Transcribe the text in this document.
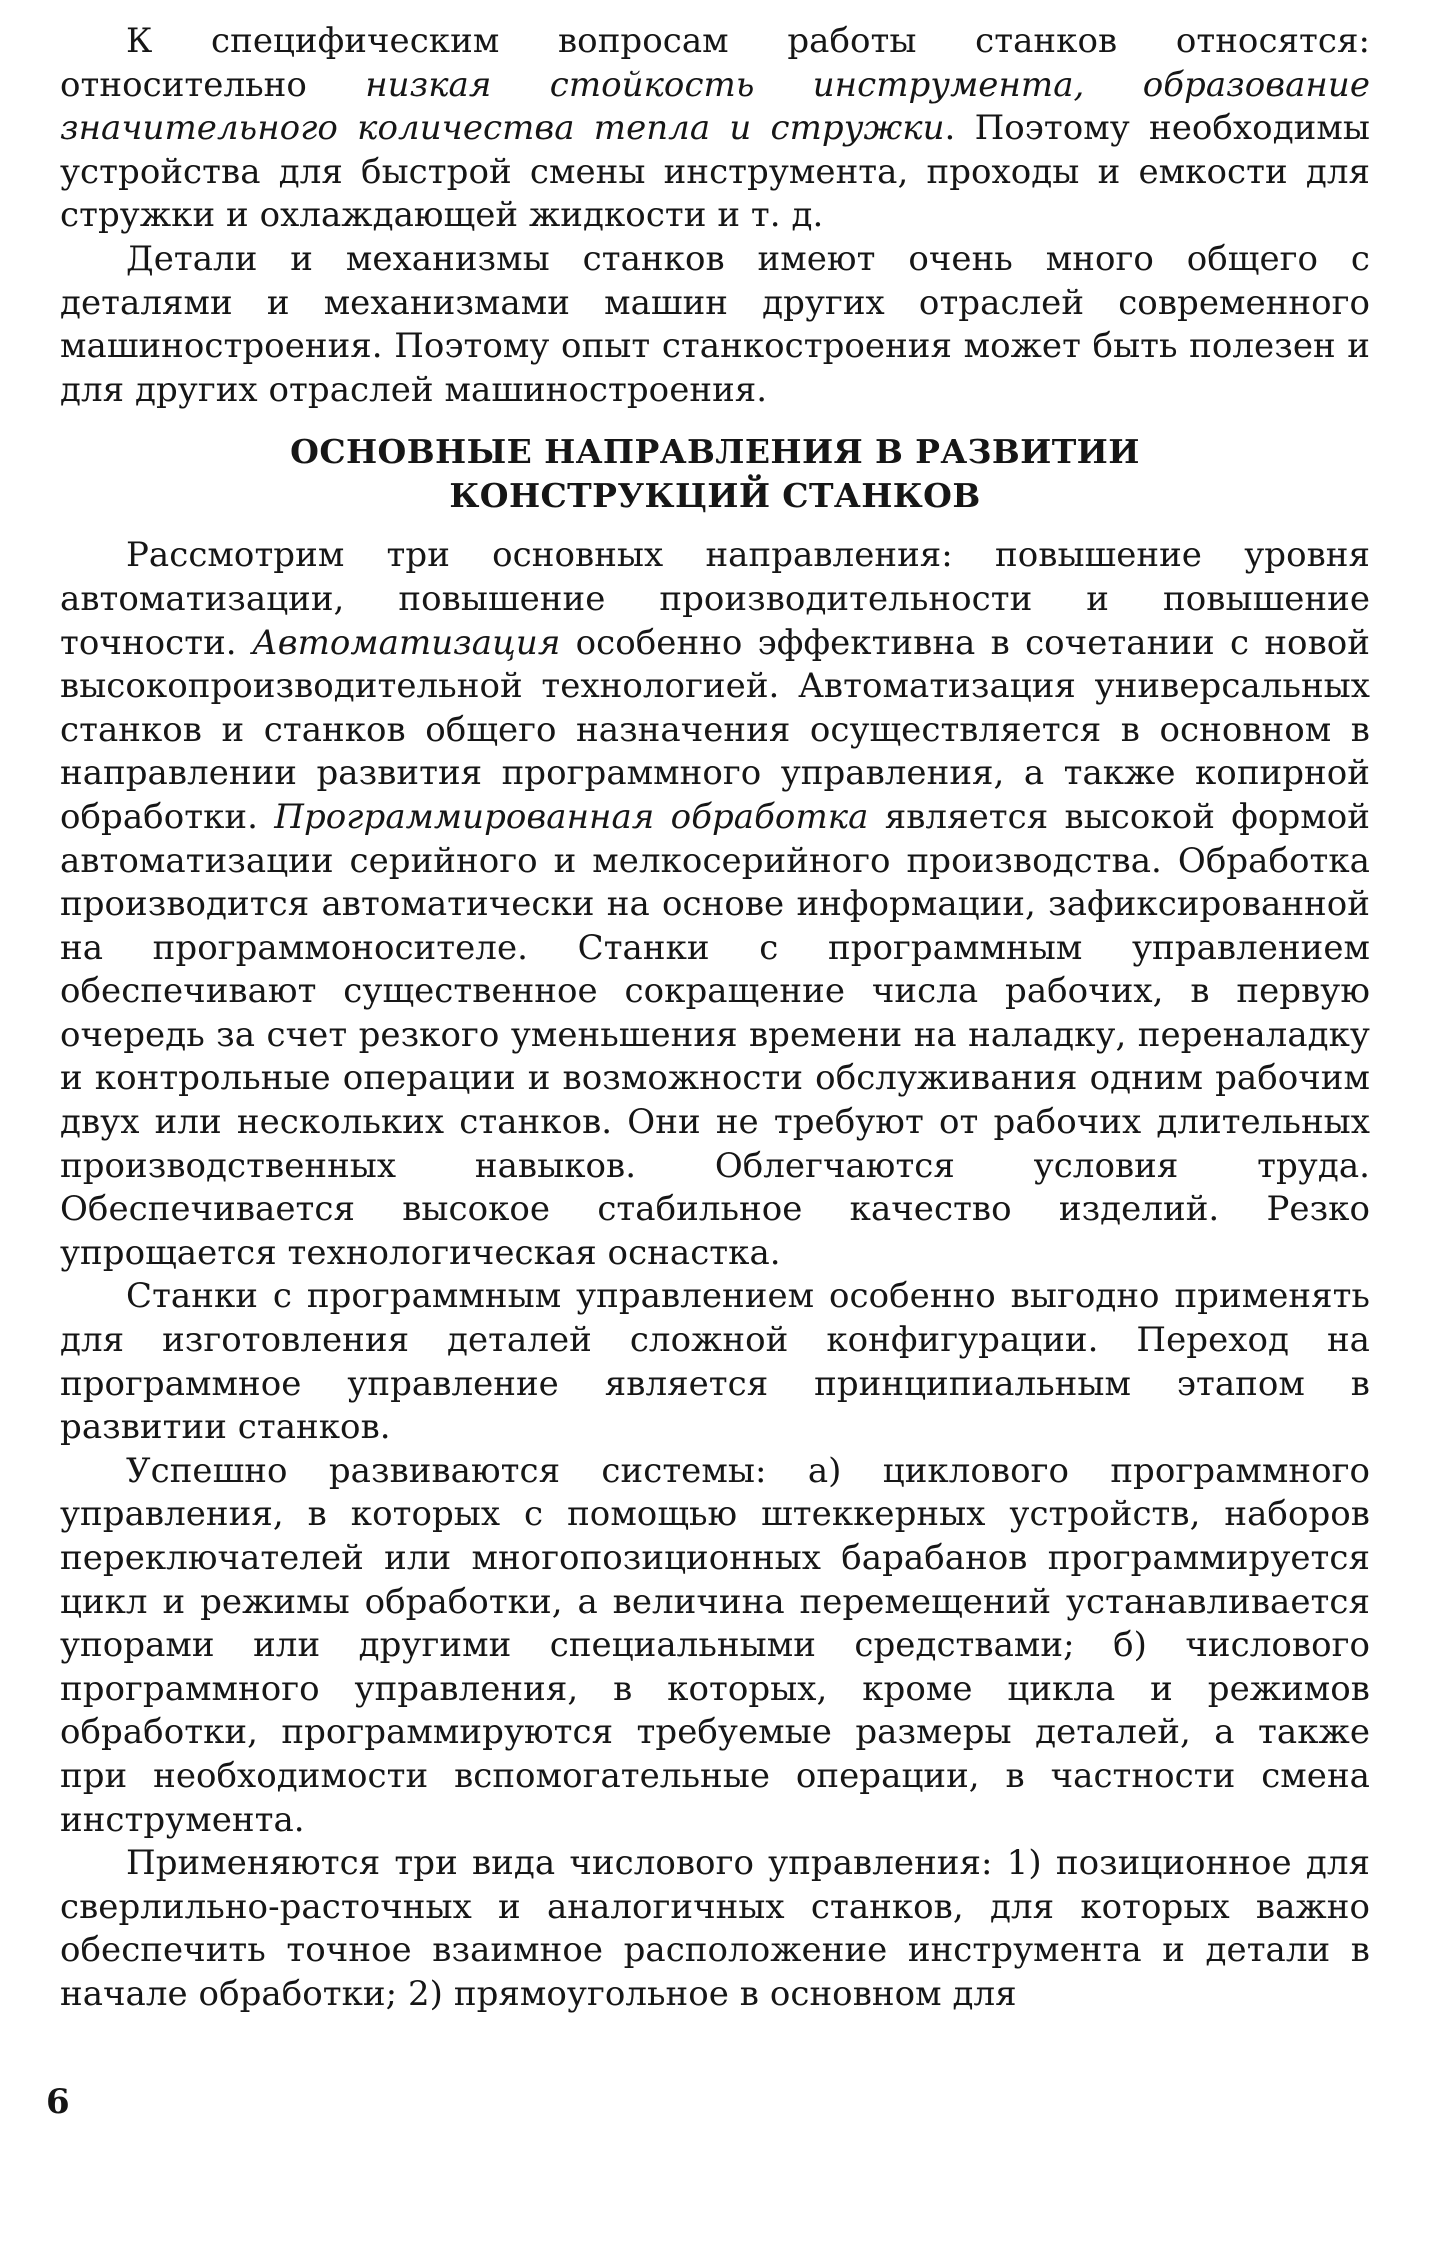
К специфическим вопросам работы станков относятся: относительно низкая стойкость инструмента, образование значительного количества тепла и стружки. Поэтому необходимы устройства для быстрой смены инструмента, проходы и емкости для стружки и охлаждающей жидкости и т. д.

Детали и механизмы станков имеют очень много общего с деталями и механизмами машин других отраслей современного машиностроения. Поэтому опыт станкостроения может быть полезен и для других отраслей машиностроения.

ОСНОВНЫЕ НАПРАВЛЕНИЯ В РАЗВИТИИ
КОНСТРУКЦИЙ СТАНКОВ

Рассмотрим три основных направления: повышение уровня автоматизации, повышение производительности и повышение точности. Автоматизация особенно эффективна в сочетании с новой высокопроизводительной технологией. Автоматизация универсальных станков и станков общего назначения осуществляется в основном в направлении развития программного управления, а также копирной обработки. Программированная обработка является высокой формой автоматизации серийного и мелкосерийного производства. Обработка производится автоматически на основе информации, зафиксированной на программоносителе. Станки с программным управлением обеспечивают существенное сокращение числа рабочих, в первую очередь за счет резкого уменьшения времени на наладку, переналадку и контрольные операции и возможности обслуживания одним рабочим двух или нескольких станков. Они не требуют от рабочих длительных производственных навыков. Облегчаются условия труда. Обеспечивается высокое стабильное качество изделий. Резко упрощается технологическая оснастка.

Станки с программным управлением особенно выгодно применять для изготовления деталей сложной конфигурации. Переход на программное управление является принципиальным этапом в развитии станков.

Успешно развиваются системы: а) циклового программного управления, в которых с помощью штеккерных устройств, наборов переключателей или многопозиционных барабанов программируется цикл и режимы обработки, а величина перемещений устанавливается упорами или другими специальными средствами; б) числового программного управления, в которых, кроме цикла и режимов обработки, программируются требуемые размеры деталей, а также при необходимости вспомогательные операции, в частности смена инструмента.

Применяются три вида числового управления: 1) позиционное для сверлильно-расточных и аналогичных станков, для которых важно обеспечить точное взаимное расположение инструмента и детали в начале обработки; 2) прямоугольное в основном для

6
